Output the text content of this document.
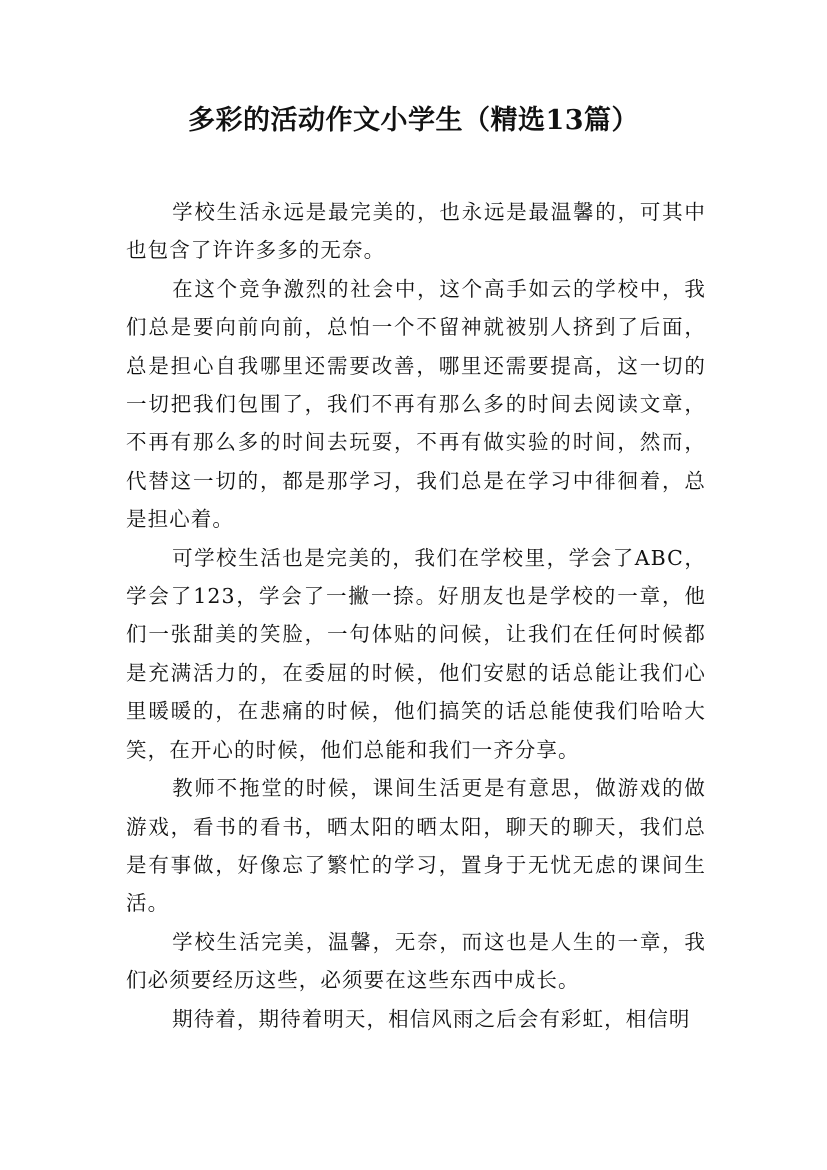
多彩的活动作文小学生（精选13篇）

学校生活永远是最完美的，也永远是最温馨的，可其中也包含了许许多多的无奈。

在这个竞争激烈的社会中，这个高手如云的学校中，我们总是要向前向前，总怕一个不留神就被别人挤到了后面，总是担心自我哪里还需要改善，哪里还需要提高，这一切的一切把我们包围了，我们不再有那么多的时间去阅读文章，不再有那么多的时间去玩耍，不再有做实验的时间，然而，代替这一切的，都是那学习，我们总是在学习中徘徊着，总是担心着。

可学校生活也是完美的，我们在学校里，学会了ABC，学会了123，学会了一撇一捺。好朋友也是学校的一章，他们一张甜美的笑脸，一句体贴的问候，让我们在任何时候都是充满活力的，在委屈的时候，他们安慰的话总能让我们心里暖暖的，在悲痛的时候，他们搞笑的话总能使我们哈哈大笑，在开心的时候，他们总能和我们一齐分享。

教师不拖堂的时候，课间生活更是有意思，做游戏的做游戏，看书的看书，晒太阳的晒太阳，聊天的聊天，我们总是有事做，好像忘了繁忙的学习，置身于无忧无虑的课间生活。

学校生活完美，温馨，无奈，而这也是人生的一章，我们必须要经历这些，必须要在这些东西中成长。

期待着，期待着明天，相信风雨之后会有彩虹，相信明
